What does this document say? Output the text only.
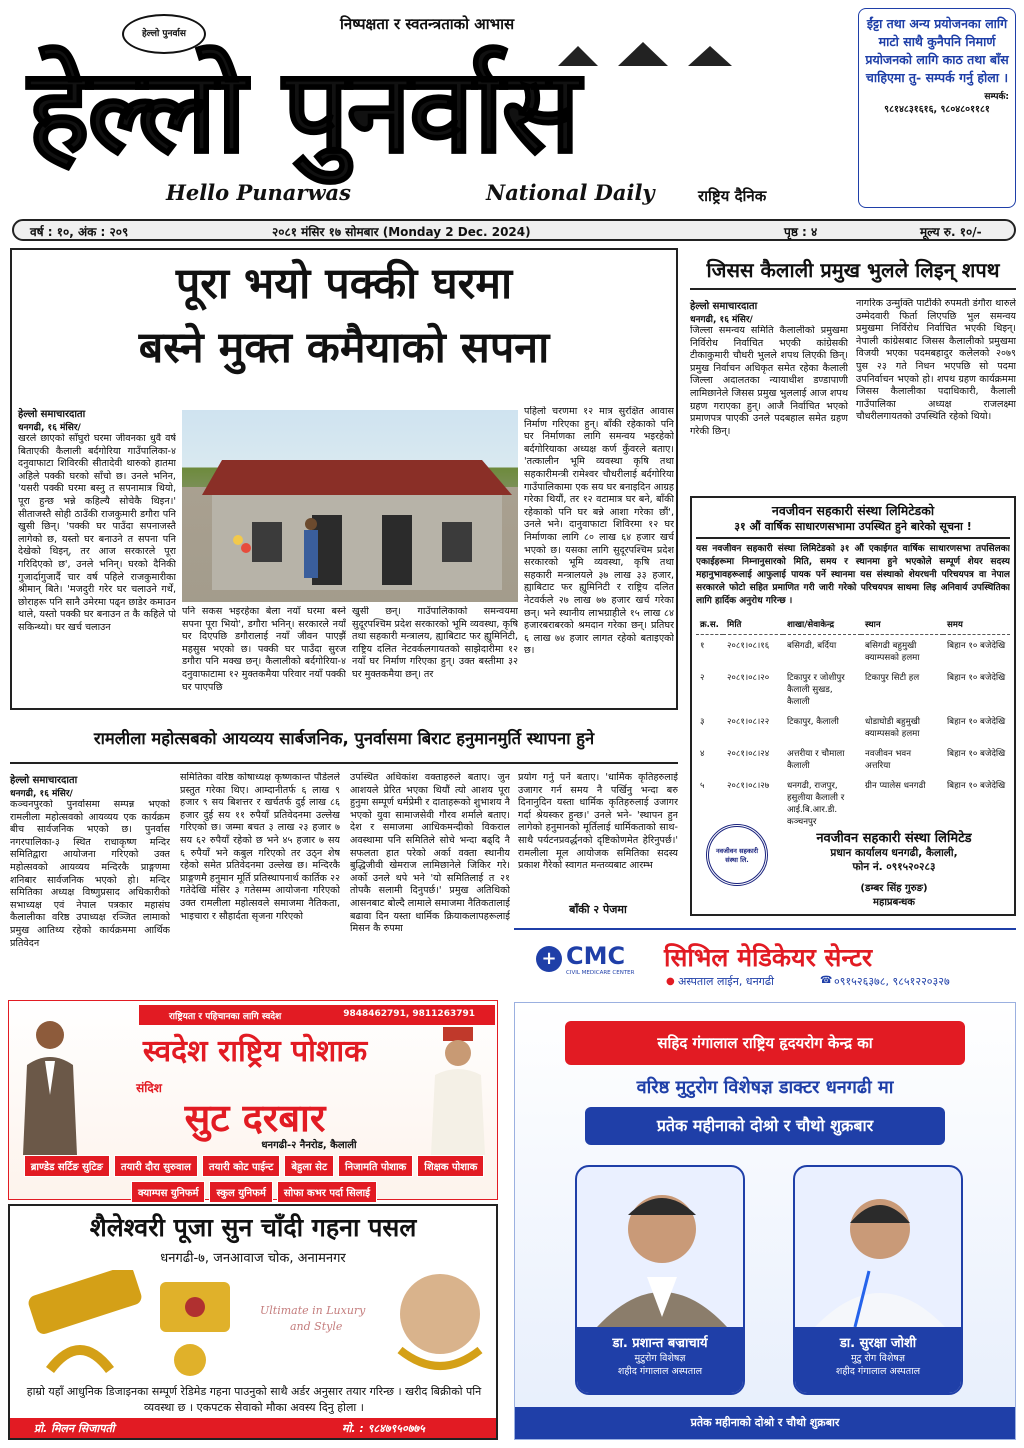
हेल्लो पुनर्वास
निष्पक्षता र स्वतन्त्रताको आभास
हेल्लो पुनर्वास
Hello Punarwas	National Daily	राष्ट्रिय दैनिक
ईंट्टा तथा अन्य प्रयोजनका लागि माटो साथै कुनैपनि निमार्ण प्रयोजनको लागि काठ तथा बाँस चाहिएमा तु- सम्पर्क गर्नु होला ।
सम्पर्क:
९८१४८३१६१६, ९८०४८०११८१
वर्ष : १०, अंक : २०९	२०८१ मंसिर १७ सोमबार (Monday 2 Dec. 2024)	पृष्ठ : ४	मूल्य रु. १०/-
पूरा भयो पक्की घरमा
बस्ने मुक्त कमैयाको सपना
हेल्लो समाचारदाता
धनगढी, १६ मंसिर/
खरले छाएको साँघुरो घरमा जीवनका धुवै वर्ष बिताएकी कैलाली बर्दगोरिया गाउँपालिका-४ दनुवाफाटा शिविरकी सीतादेवी थारुको हातमा अहिले पक्की घरको साँचो छ। उनले भनिन, 'यसरी पक्की घरमा बस्नु त सपनामात्र थियो, पूरा हुन्छ भन्ने कहिल्यै सोचेकै थिइन।' सीताजस्तै सोही ठाउँकी राजकुमारी डगौरा पनि खुसी छिन्। 'पक्की घर पाउँदा सपनाजस्तै लागेको छ, यस्तो घर बनाउने त सपना पनि देखेको थिइन्, तर आज सरकारले पूरा गरिदिएको छ', उनले भनिन्। घरको दैनिकी गुजार्दागुजार्दै चार वर्ष पहिले राजकुमारीका श्रीमान् बिते। 'मजदुरी गरेर घर चलाउने गर्थें, छोराहरू पनि सानै उमेरमा पढ्न छाडेर कमाउन थाले, यस्तो पक्की घर बनाउन त कै कहिले पो सकिन्थ्यो। घर खर्च चलाउन
पनि सकस भइरहेका बेला नयाँ घरमा बस्ने सपना पूरा भियो', डगौरा भनिन्। सरकारले नयाँ घर दिएपछि डगौरालाई नयाँ जीवन पाएझैं महसुस भएको छ। पक्की घर पाउँदा सुरज डगौरा पनि मक्ख छन्। कैलालीको बर्दगोरिया-४ दनुवाफाटामा १२ मुक्तकमैया परिवार नयाँ पक्की घर पाएपछि
खुसी छन्। गाउँपालिकाको समन्वयमा सुदूरपश्चिम प्रदेश सरकारको भूमि व्यवस्था, कृषि तथा सहकारी मन्त्रालय, ह्याबिटाट फर ह्युमिनिटी, राष्ट्रिय दलित नेटवर्कलगायतको साझेदारीमा १२ नयाँ घर निर्माण गरिएका हुन्। उक्त बस्तीमा ३२ घर मुक्तकमैया छन्। तर
पहिलो चरणमा १२ मात्र सुरक्षित आवास निर्माण गरिएका हुन्। बाँकी रहेकाको पनि घर निर्माणका लागि समन्वय भइरहेको बर्दगोरियाका अध्यक्ष कर्ण कुँवरले बताए। 'तत्कालीन भूमि व्यवस्था कृषि तथा सहकारीमन्त्री रामेश्वर चौधरीलाई बर्दगोरिया गाउँपालिकामा एक सय घर बनाइदिन आग्रह गरेका थियौं, तर १२ वटामात्र घर बने, बाँकी रहेकाको पनि घर बन्ने आशा गरेका छौं', उनले भने। दानुवाफाटा शिविरमा १२ घर निर्माणका लागि ८० लाख ६४ हजार खर्च भएको छ। यसका लागि सुदूरपश्चिम प्रदेश सरकारको भूमि व्यवस्था, कृषि तथा सहकारी मन्त्रालयले ३७ लाख ३३ हजार, ह्याबिटाट फर ह्युमिनिटी र राष्ट्रिय दलित नेटवर्कले २७ लाख ७७ हजार खर्च गरेका छन्। भने स्थानीय लाभग्राहीले १५ लाख ८४ हजारबराबरको श्रमदान गरेका छन्। प्रतिघर ६ लाख ७४ हजार लागत रहेको बताइएको छ।
जिसस कैलाली प्रमुख भुलले लिइन् शपथ
हेल्लो समाचारदाता
धनगढी, १६ मंसिर/
जिल्ला समन्वय समिति कैलालीको प्रमुखमा निर्विरोध निर्वाचित भएकी कांग्रेसकी टीकाकुमारी चौधरी भुलले शपथ लिएकी छिन्। प्रमुख निर्वाचन अधिकृत समेत रहेका कैलाली जिल्ला अदालतका न्यायाधीश डण्डापाणी लामिछानेले जिसस प्रमुख भुललाई आज शपथ ग्रहण गराएका हुन्। आजै निर्वाचित भएको प्रमाणपत्र पाएकी उनले पदबहाल समेत ग्रहण गरेकी छिन्।
नागरिक उन्मुक्ति पार्टीकी रुपमती डंगौरा थारुले उम्मेदवारी फिर्ता लिएपछि भुल समन्वय प्रमुखमा निर्विरोध निर्वाचित भएकी थिइन्। नेपाली कांग्रेसबाट जिसस कैलालीको प्रमुखमा विजयी भएका पदमबहादुर कलेलको २०७९ पुस २३ गते निधन भएपछि सो पदमा उपनिर्वाचन भएको हो। शपथ ग्रहण कार्यक्रममा जिसस कैलालीका पदाधिकारी, कैलाली गाउँपालिका अध्यक्ष राजलक्ष्मा चौधरीलगायतको उपस्थिति रहेको थियो।
नवजीवन सहकारी संस्था लिमिटेडको
३१ औं वार्षिक साधारणसभामा उपस्थित हुने बारेको सूचना !
यस नवजीवन सहकारी संस्था लिमिटेडको ३१ औं एकाईगत वार्षिक साधारणसभा तपसिलका एकाईहरूमा निम्नानुसारको मिति, समय र स्थानमा हुने भएकोले सम्पूर्ण शेयर सदस्य महानुभावहरूलाई आफुलाई पायक पर्ने स्थानमा यस संस्थाको शेयरधनी परिचयपत्र वा नेपाल सरकारले फोटो सहित प्रमाणित गरी जारी गरेको परिचयपत्र साथमा लिइ अनिवार्य उपस्थितिका लागि हार्दिक अनुरोध गरिन्छ ।
क्र.स.	मिति	शाखा/सेवाकेन्द्र	स्थान	समय
१	२०८१।०८।१६	बसिगढी, बर्दिया	बसिगढी बहुमुखी क्याम्पसको हलमा	बिहान १० बजेदेखि
२	२०८१।०८।२०	टिकापुर र जोशीपुर कैलाली सुखड, कैलाली	टिकापुर सिटी हल	बिहान १० बजेदेखि
३	२०८१।०८।२२	टिकापुर, कैलाली	धोडाघोडी बहुमुखी क्याम्पसको हलमा	बिहान १० बजेदेखि
४	२०८१।०८।२४	अत्तरीया र चौमाला कैलाली	नवजीवन भवन अत्तरिया	बिहान १० बजेदेखि
५	२०८१।०८।२७	धनगढी, राजपुर, हसुलीया कैलाली र आई.बि.आर.डी. कञ्चनपुर	ग्रीन प्यालेस धनगढी	बिहान १० बजेदेखि
नवजीवन सहकारी संस्था लि.
नवजीवन सहकारी संस्था लिमिटेड
प्रधान कार्यालय धनगढी, कैलाली,
फोन नं. ०९१५२०२८३
(डम्बर सिंह गुरुङ)
महाप्रबन्धक
रामलीला महोत्सबको आयव्यय सार्बजनिक, पुनर्वासमा बिराट हनुमानमुर्ति स्थापना हुने
हेल्लो समाचारदाता
धनगढी, १६ मंसिर/
कञ्चनपुरको पुनर्वासमा सम्पन्न भएको रामलीला महोत्सवको आयव्यय एक कार्यक्रम बीच सार्वजनिक भएको छ। पुनर्वास नगरपालिका-३ स्थित राधाकृष्ण मन्दिर समितिद्वारा आयोजना गरिएको उक्त महोत्सवको आयव्यय मन्दिरकै प्राङ्गणमा शनिबार सार्वजनिक भएको हो। मन्दिर समितिका अध्यक्ष विष्णुप्रसाद अधिकारीको सभाध्यक्ष एवं नेपाल पत्रकार महासंघ कैलालीका वरिष्ठ उपाध्यक्ष रञ्जित लामाको प्रमुख आतिथ्य रहेको कार्यक्रममा आर्थिक प्रतिवेदन
समितिका वरिष्ठ कोषाध्यक्ष कृष्णकान्त पौडेलले प्रस्तुत गरेका थिए। आम्दानीतर्फ ६ लाख ९ हजार ९ सय बिशत्तर र खर्चतर्फ दुई लाख ८६ हजार दुई सय ११ रुपैयाँ प्रतिवेदनमा उल्लेख गरिएको छ। जम्मा बचत ३ लाख २३ हजार ७ सय ६२ रुपैयाँ रहेको छ भने ४५ हजार ७ सय ६ रुपैयाँ भने कबुल गरिएको तर उठ्न शेष रहेको समेत प्रतिवेदनमा उल्लेख छ। मन्दिरकै प्राङ्गणमै हनुमान मूर्ति प्रतिस्थापनार्थ कार्तिक २२ गतेदेखि मंसिर ३ गतेसम्म आयोजना गरिएको उक्त रामलीला महोत्सवले समाजमा नैतिकता, भाइचारा र सौहार्दता सृजना गरिएको
उपस्थित अधिकांश वक्ताहरुले बताए। जुन आशयले प्रेरित भएका थियौं त्यो आशय पूरा हुनुमा सम्पूर्ण धर्मप्रेमी र दाताहरूको शुभाशय नै भएको युवा सामाजसेवी गौरव शर्माले बताए। देश र समाजमा आधिकमन्दीको विकराल अवस्थामा पनि समितिले सोचे भन्दा बढ्दि नै सफलता हात परेको अर्का वक्ता स्थानीय बुद्धिजीवी खेमराज लामिछानेले जिकिर गरे। अर्को उनले थपे भने 'यो समितिलाई त २१ तोपकै सलामी दिनुपर्छ।' प्रमुख अतिथिको आसनबाट बोल्दै लामाले समाजमा नैतिकतालाई बढावा दिन यस्ता धार्मिक क्रियाकलापहरूलाई मिसन कै रुपमा
प्रयोग गर्नु पर्ने बताए। 'धार्मिक कृतिहरुलाई उजागर गर्न समय नै पर्खिनु भन्दा बरु दिनानुदिन यस्ता धार्मिक कृतिहरुलाई उजागर गर्दा श्रेयस्कर हुन्छ।' उनले भने- 'स्थापन हुन लागेको हनुमानको मूर्तिलाई धार्मिकताको साथ-साथै पर्यटनप्रवर्द्धनको दृष्टिकोणमेत हेरिनुपर्छ।' रामलीला मूल आयोजक समितिका सदस्य प्रकाश गैरेको स्वागत मन्तव्यबाट आरम्भ
बाँकी २ पेजमा
+ CMC
CIVIL MEDICARE CENTER
सिभिल मेडिकेयर सेन्टर
● अस्पताल लाईन, धनगढी	☎ ०९१५२६३७८, ९८५१२२०३२७
राष्ट्रियता र पहिचानका लागि स्वदेश	9848462791, 9811263791
स्वदेश राष्ट्रिय पोशाक
संदिश
सुट दरबार
धनगढी-२ नैनरोड, कैलाली
ब्राण्डेड सर्टिङ सुटिङ	तयारी दौरा सुरुवाल	तयारी कोट पाईन्ट	बेहुला सेट	निजामति पोशाक	शिक्षक पोशाक
क्याम्पस युनिफर्म	स्कुल युनिफर्म	सोफा कभर पर्दा सिलाई
शैलेश्वरी पूजा सुन चाँदी गहना पसल
धनगढी-७, जनआवाज चोक, अनामनगर
Ultimate in Luxury
and Style
हाम्रो यहाँ आधुनिक डिजाइनका सम्पूर्ण रेडिमेड गहना पाउनुको साथै अर्डर अनुसार तयार गरिन्छ । खरीद बिक्रीको पनि व्यवस्था छ । एकपटक सेवाको मौका अवस्य दिनु होला ।
प्रो. मिलन सिजापती	मो. : ९८४७९५०७७५
सहिद गंगालाल राष्ट्रिय हृदयरोग केन्द्र का
वरिष्ठ मुटुरोग विशेषज्ञ डाक्टर धनगढी मा
प्रतेक महीनाको दोश्रो र चौथो शुक्रबार
डा. प्रशान्त बज्राचार्य
मुटुरोग विशेषज्ञ
शहीद गंगालाल अस्पताल
डा. सुरक्षा जोशी
मुटु रोग विशेषज्ञ
शहीद गंगालाल अस्पताल
प्रतेक महीनाको दोश्रो र चौथो शुक्रबार
